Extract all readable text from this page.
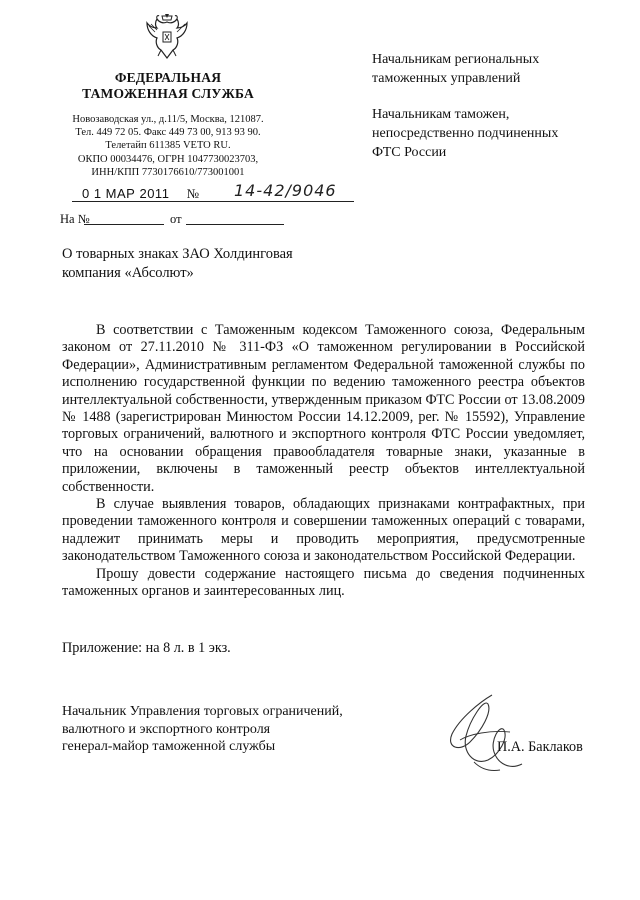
ФЕДЕРАЛЬНАЯ
ТАМОЖЕННАЯ СЛУЖБА
Новозаводская ул., д.11/5, Москва, 121087.
Тел. 449 72 05. Факс 449 73 00, 913 93 90.
Телетайп 611385 VETO RU.
ОКПО 00034476, ОГРН 1047730023703,
ИНН/КПП 7730176610/773001001
0 1 МАР 2011 № 14-42/9046
На №	от
Начальникам региональных
таможенных управлений
Начальникам таможен,
непосредственно подчиненных
ФТС России
О товарных знаках ЗАО Холдинговая
компания «Абсолют»

В соответствии с Таможенным кодексом Таможенного союза, Федеральным законом от 27.11.2010 № 311-ФЗ «О таможенном регулировании в Российской Федерации», Административным регламентом Федеральной таможенной службы по исполнению государственной функции по ведению таможенного реестра объектов интеллектуальной собственности, утвержденным приказом ФТС России от 13.08.2009 № 1488 (зарегистрирован Минюстом России 14.12.2009, рег. № 15592), Управление торговых ограничений, валютного и экспортного контроля ФТС России уведомляет, что на основании обращения правообладателя товарные знаки, указанные в приложении, включены в таможенный реестр объектов интеллектуальной собственности.

В случае выявления товаров, обладающих признаками контрафактных, при проведении таможенного контроля и совершении таможенных операций с товарами, надлежит принимать меры и проводить мероприятия, предусмотренные законодательством Таможенного союза и законодательством Российской Федерации.

Прошу довести содержание настоящего письма до сведения подчиненных таможенных органов и заинтересованных лиц.

Приложение: на 8 л. в 1 экз.
Начальник Управления торговых ограничений,
валютного и экспортного контроля
генерал-майор таможенной службы	П.А. Баклаков
